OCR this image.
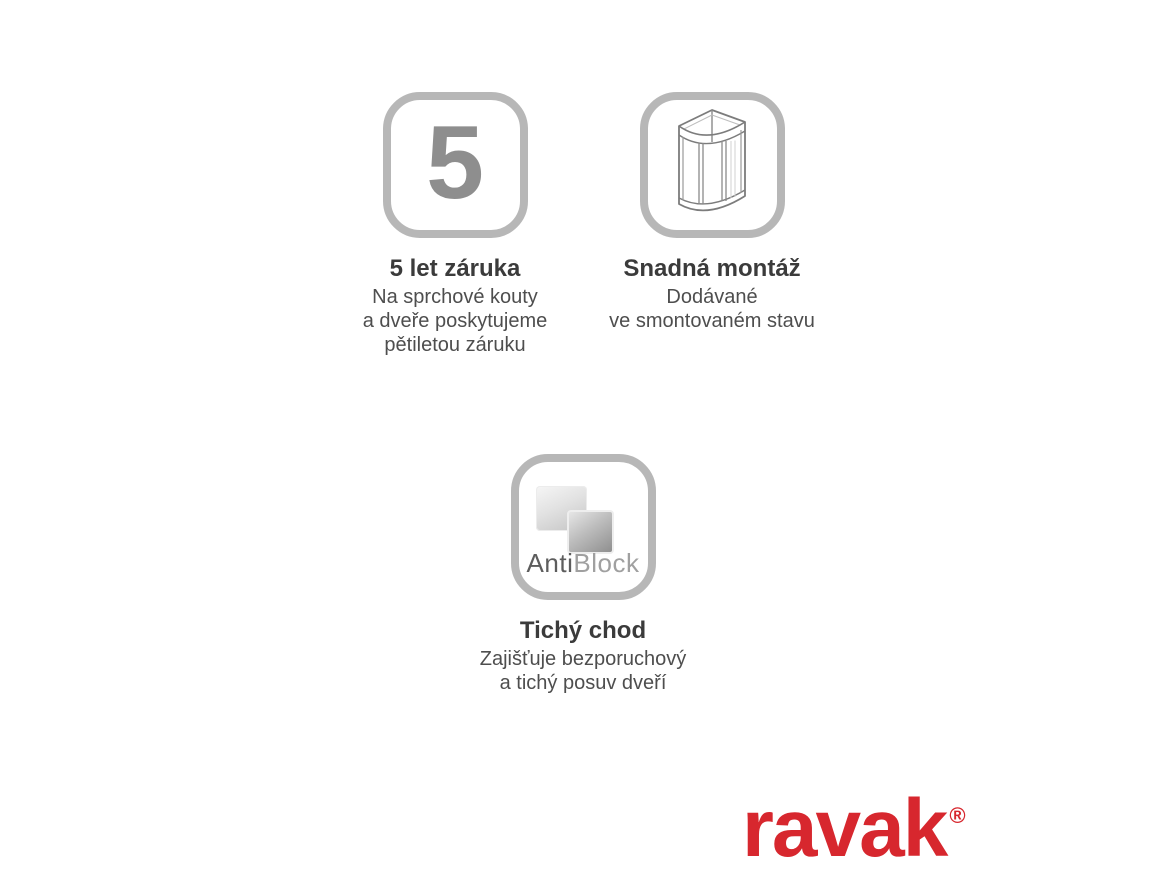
5
5 let záruka
Na sprchové kouty
a dveře poskytujeme
pětiletou záruku
Snadná montáž
Dodávané
ve smontovaném stavu
AntiBlock
Tichý chod
Zajišťuje bezporuchový
a tichý posuv dveří
ravak ®
